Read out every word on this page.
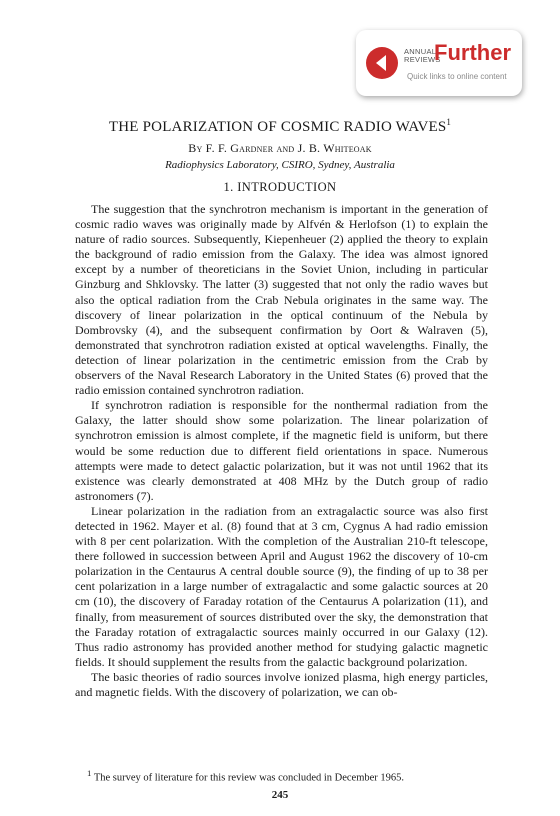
ANNUAL
REVIEWS
Further
Quick links to online content
THE POLARIZATION OF COSMIC RADIO WAVES$^1$
By F. F. Gardner and J. B. Whiteoak
Radiophysics Laboratory, CSIRO, Sydney, Australia
1. INTRODUCTION

The suggestion that the synchrotron mechanism is important in the generation of cosmic radio waves was originally made by Alfvén & Herlofson (1) to explain the nature of radio sources. Subsequently, Kiepenheuer (2) applied the theory to explain the background of radio emission from the Galaxy. The idea was almost ignored except by a number of theoreticians in the Soviet Union, including in particular Ginzburg and Shklovsky. The latter (3) suggested that not only the radio waves but also the optical radiation from the Crab Nebula originates in the same way. The discovery of linear polarization in the optical continuum of the Nebula by Dombrovsky (4), and the subsequent confirmation by Oort & Walraven (5), demonstrated that synchrotron radiation existed at optical wavelengths. Finally, the detection of linear polarization in the centimetric emission from the Crab by observers of the Naval Research Laboratory in the United States (6) proved that the radio emission contained synchrotron radiation.

If synchrotron radiation is responsible for the nonthermal radiation from the Galaxy, the latter should show some polarization. The linear polarization of synchrotron emission is almost complete, if the magnetic field is uniform, but there would be some reduction due to different field orientations in space. Numerous attempts were made to detect galactic polarization, but it was not until 1962 that its existence was clearly demonstrated at 408 MHz by the Dutch group of radio astronomers (7).

Linear polarization in the radiation from an extragalactic source was also first detected in 1962. Mayer et al. (8) found that at 3 cm, Cygnus A had radio emission with 8 per cent polarization. With the completion of the Australian 210-ft telescope, there followed in succession between April and August 1962 the discovery of 10-cm polarization in the Centaurus A central double source (9), the finding of up to 38 per cent polarization in a large number of extragalactic and some galactic sources at 20 cm (10), the discovery of Faraday rotation of the Centaurus A polarization (11), and finally, from measurement of sources distributed over the sky, the demonstration that the Faraday rotation of extragalactic sources mainly occurred in our Galaxy (12). Thus radio astronomy has provided another method for studying galactic magnetic fields. It should supplement the results from the galactic background polarization.

The basic theories of radio sources involve ionized plasma, high energy particles, and magnetic fields. With the discovery of polarization, we can ob-

$^1$ The survey of literature for this review was concluded in December 1965.
245
